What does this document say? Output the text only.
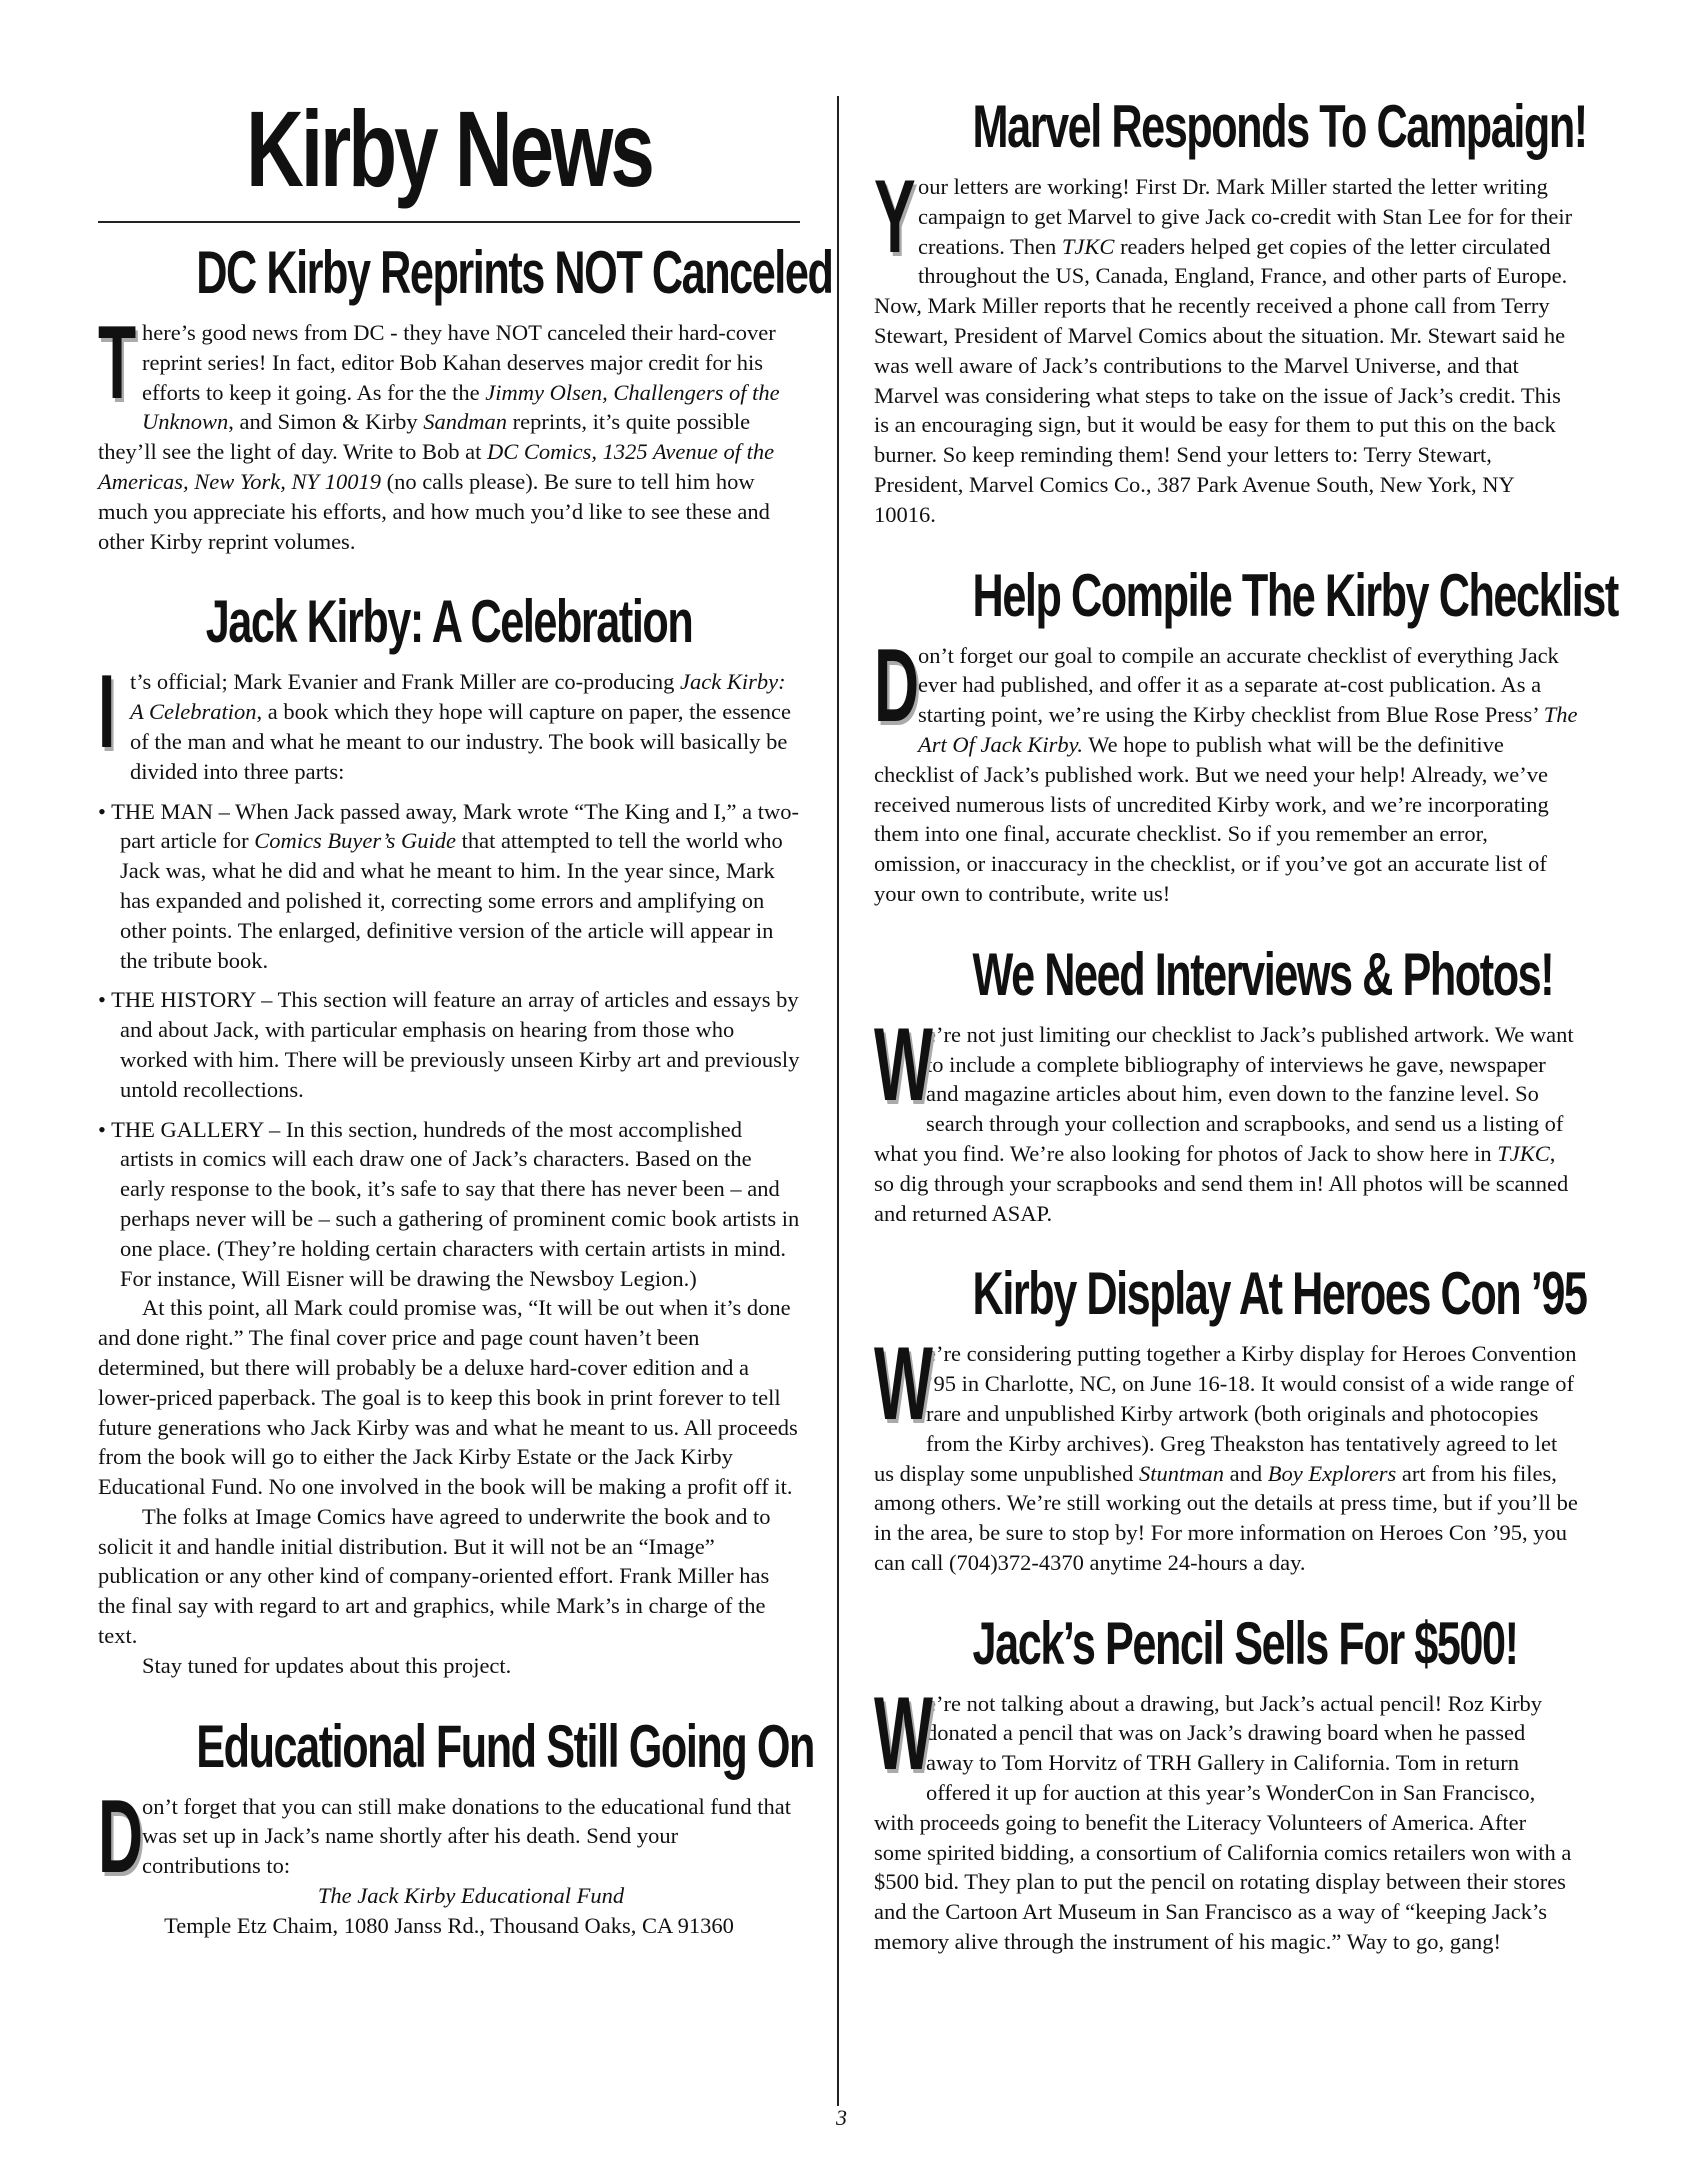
Kirby News
DC Kirby Reprints NOT Canceled

There’s good news from DC - they have NOT canceled their hard-cover reprint series! In fact, editor Bob Kahan deserves major credit for his efforts to keep it going. As for the the Jimmy Olsen, Challengers of the Unknown, and Simon & Kirby Sandman reprints, it’s quite possible they’ll see the light of day. Write to Bob at DC Comics, 1325 Avenue of the Americas, New York, NY 10019 (no calls please). Be sure to tell him how much you appreciate his efforts, and how much you’d like to see these and other Kirby reprint volumes.

Jack Kirby: A Celebration

It’s official; Mark Evanier and Frank Miller are co-producing Jack Kirby: A Celebration, a book which they hope will capture on paper, the essence of the man and what he meant to our industry. The book will basically be divided into three parts:

• THE MAN – When Jack passed away, Mark wrote “The King and I,” a two-part article for Comics Buyer’s Guide that attempted to tell the world who Jack was, what he did and what he meant to him. In the year since, Mark has expanded and polished it, correcting some errors and amplifying on other points. The enlarged, definitive version of the article will appear in the tribute book.

• THE HISTORY – This section will feature an array of articles and essays by and about Jack, with particular emphasis on hearing from those who worked with him. There will be previously unseen Kirby art and previously untold recollections.

• THE GALLERY – In this section, hundreds of the most accomplished artists in comics will each draw one of Jack’s characters. Based on the early response to the book, it’s safe to say that there has never been – and perhaps never will be – such a gathering of prominent comic book artists in one place. (They’re holding certain characters with certain artists in mind. For instance, Will Eisner will be drawing the Newsboy Legion.)

At this point, all Mark could promise was, “It will be out when it’s done and done right.” The final cover price and page count haven’t been determined, but there will probably be a deluxe hard-cover edition and a lower-priced paperback. The goal is to keep this book in print forever to tell future generations who Jack Kirby was and what he meant to us. All proceeds from the book will go to either the Jack Kirby Estate or the Jack Kirby Educational Fund. No one involved in the book will be making a profit off it.

The folks at Image Comics have agreed to underwrite the book and to solicit it and handle initial distribution. But it will not be an “Image” publication or any other kind of company-oriented effort. Frank Miller has the final say with regard to art and graphics, while Mark’s in charge of the text.

Stay tuned for updates about this project.

Educational Fund Still Going On

D
on’t forget that you can still make donations to the educational fund that was set up in Jack’s name shortly after his death. Send your contributions to:

The Jack Kirby Educational Fund

Temple Etz Chaim, 1080 Janss Rd., Thousand Oaks, CA 91360

Marvel Responds To Campaign!

Your letters are working! First Dr. Mark Miller started the letter writing campaign to get Marvel to give Jack co-credit with Stan Lee for for their creations. Then TJKC readers helped get copies of the letter circulated throughout the US, Canada, England, France, and other parts of Europe. Now, Mark Miller reports that he recently received a phone call from Terry Stewart, President of Marvel Comics about the situation. Mr. Stewart said he was well aware of Jack’s contributions to the Marvel Universe, and that Marvel was considering what steps to take on the issue of Jack’s credit. This is an encouraging sign, but it would be easy for them to put this on the back burner. So keep reminding them! Send your letters to: Terry Stewart, President, Marvel Comics Co., 387 Park Avenue South, New York, NY 10016.

Help Compile The Kirby Checklist

D
on’t forget our goal to compile an accurate checklist of everything Jack ever had published, and offer it as a separate at-cost publication. As a starting point, we’re using the Kirby checklist from Blue Rose Press’ The Art Of Jack Kirby. We hope to publish what will be the definitive checklist of Jack’s published work. But we need your help! Already, we’ve received numerous lists of uncredited Kirby work, and we’re incorporating them into one final, accurate checklist. So if you remember an error, omission, or inaccuracy in the checklist, or if you’ve got an accurate list of your own to contribute, write us!

We Need Interviews & Photos!

W
e’re not just limiting our checklist to Jack’s published artwork. We want to include a complete bibliography of interviews he gave, newspaper and magazine articles about him, even down to the fanzine level. So search through your collection and scrapbooks, and send us a listing of what you find. We’re also looking for photos of Jack to show here in TJKC, so dig through your scrapbooks and send them in! All photos will be scanned and returned ASAP.

Kirby Display At Heroes Con ’95

W
e’re considering putting together a Kirby display for Heroes Convention ’95 in Charlotte, NC, on June 16-18. It would consist of a wide range of rare and unpublished Kirby artwork (both originals and photocopies from the Kirby archives). Greg Theakston has tentatively agreed to let us display some unpublished Stuntman and Boy Explorers art from his files, among others. We’re still working out the details at press time, but if you’ll be in the area, be sure to stop by! For more information on Heroes Con ’95, you can call (704)372-4370 anytime 24-hours a day.

Jack’s Pencil Sells For $500!

W
e’re not talking about a drawing, but Jack’s actual pencil! Roz Kirby donated a pencil that was on Jack’s drawing board when he passed away to Tom Horvitz of TRH Gallery in California. Tom in return offered it up for auction at this year’s WonderCon in San Francisco, with proceeds going to benefit the Literacy Volunteers of America. After some spirited bidding, a consortium of California comics retailers won with a $500 bid. They plan to put the pencil on rotating display between their stores and the Cartoon Art Museum in San Francisco as a way of “keeping Jack’s memory alive through the instrument of his magic.” Way to go, gang!

3
